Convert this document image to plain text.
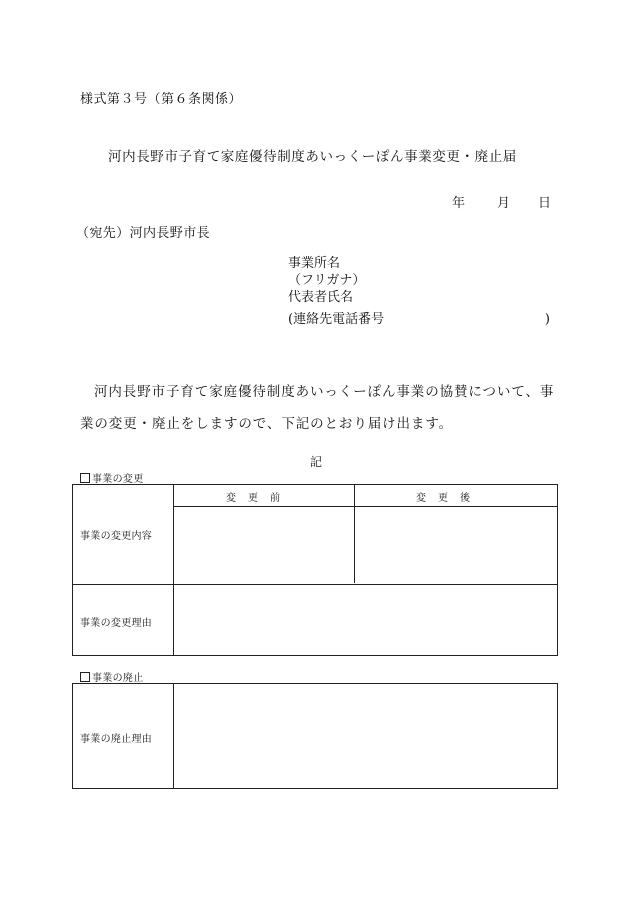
様式第３号（第６条関係）
河内長野市子育て家庭優待制度あいっくーぽん事業変更・廃止届
年 月 日
（宛先）河内長野市長
事業所名
（フリガナ）
代表者氏名
(連絡先電話番号	)
河内長野市子育て家庭優待制度あいっくーぽん事業の協賛について、事
業の変更・廃止をしますので、下記のとおり届け出ます。
記
事業の変更
変　更　前	変　更　後
事業の変更内容
事業の変更理由
事業の廃止
事業の廃止理由
